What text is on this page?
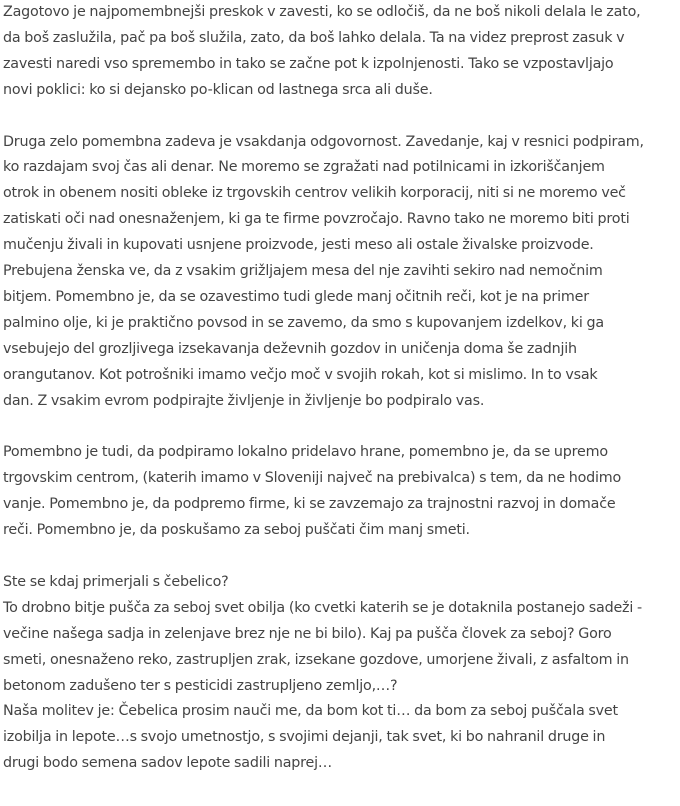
Zagotovo je najpomembnejši preskok v zavesti, ko se odločiš, da ne boš nikoli delala le zato,
da boš zaslužila, pač pa boš služila, zato, da boš lahko delala. Ta na videz preprost zasuk v
zavesti naredi vso spremembo in tako se začne pot k izpolnjenosti. Tako se vzpostavljajo
novi poklici: ko si dejansko po-klican od lastnega srca ali duše.

Druga zelo pomembna zadeva je vsakdanja odgovornost. Zavedanje, kaj v resnici podpiram,
ko razdajam svoj čas ali denar. Ne moremo se zgražati nad potilnicami in izkoriščanjem
otrok in obenem nositi obleke iz trgovskih centrov velikih korporacij, niti si ne moremo več
zatiskati oči nad onesnaženjem, ki ga te firme povzročajo. Ravno tako ne moremo biti proti
mučenju živali in kupovati usnjene proizvode, jesti meso ali ostale živalske proizvode.
Prebujena ženska ve, da z vsakim grižljajem mesa del nje zavihti sekiro nad nemočnim
bitjem. Pomembno je, da se ozavestimo tudi glede manj očitnih reči, kot je na primer
palmino olje, ki je praktično povsod in se zavemo, da smo s kupovanjem izdelkov, ki ga
vsebujejo del grozljivega izsekavanja deževnih gozdov in uničenja doma še zadnjih
orangutanov. Kot potrošniki imamo večjo moč v svojih rokah, kot si mislimo. In to vsak
dan. Z vsakim evrom podpirajte življenje in življenje bo podpiralo vas.

Pomembno je tudi, da podpiramo lokalno pridelavo hrane, pomembno je, da se upremo
trgovskim centrom, (katerih imamo v Sloveniji največ na prebivalca) s tem, da ne hodimo
vanje. Pomembno je, da podpremo firme, ki se zavzemajo za trajnostni razvoj in domače
reči. Pomembno je, da poskušamo za seboj puščati čim manj smeti.

Ste se kdaj primerjali s čebelico?
To drobno bitje pušča za seboj svet obilja (ko cvetki katerih se je dotaknila postanejo sadeži -
večine našega sadja in zelenjave brez nje ne bi bilo). Kaj pa pušča človek za seboj? Goro
smeti, onesnaženo reko, zastrupljen zrak, izsekane gozdove, umorjene živali, z asfaltom in
betonom zadušeno ter s pesticidi zastrupljeno zemljo,…?
Naša molitev je: Čebelica prosim nauči me, da bom kot ti… da bom za seboj puščala svet
izobilja in lepote…s svojo umetnostjo, s svojimi dejanji, tak svet, ki bo nahranil druge in
drugi bodo semena sadov lepote sadili naprej…
